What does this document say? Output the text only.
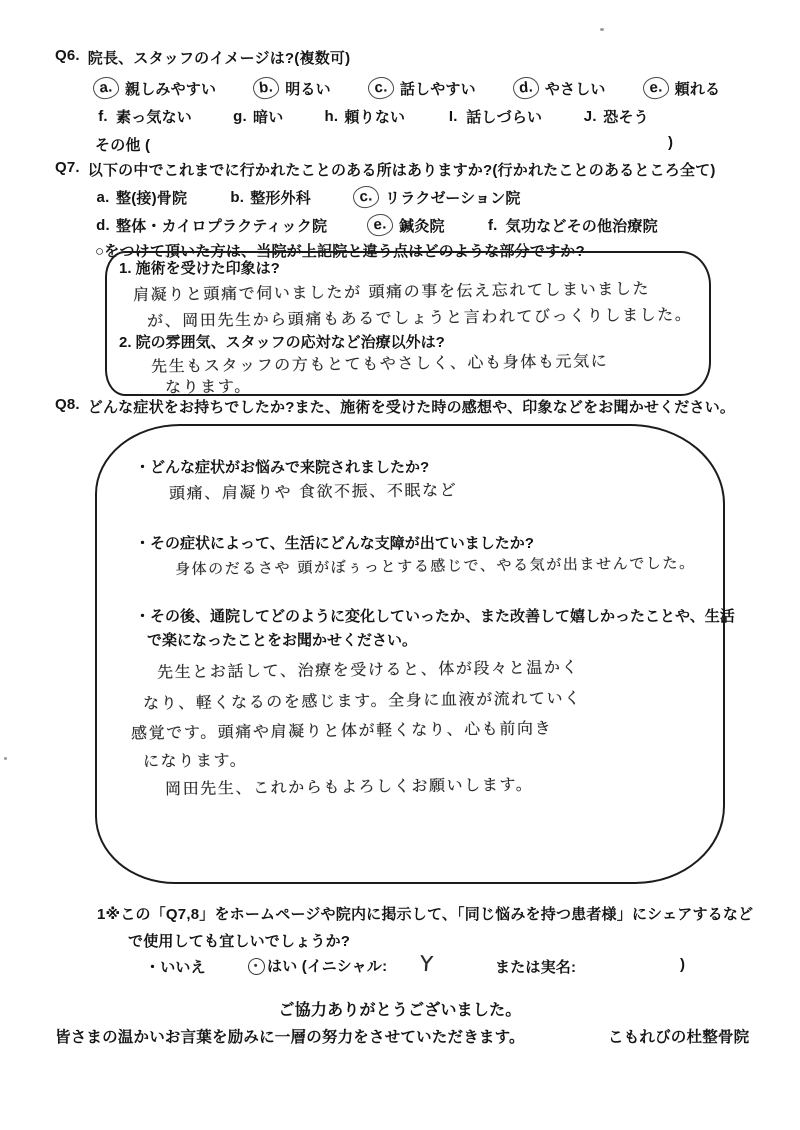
Q6. 院長、スタッフのイメージは?(複数可)
a. 親しみやすい	b. 明るい	c. 話しやすい	d. やさしい	e. 頼れる
f. 素っ気ない	g. 暗い	h. 頼りない	I. 話しづらい	J. 恐そう
その他 (	)
Q7. 以下の中でこれまでに行かれたことのある所はありますか?(行かれたことのあるところ全て)
a. 整(接)骨院	b. 整形外科	c. リラクゼーション院
d. 整体・カイロプラクティック院	e. 鍼灸院	f. 気功などその他治療院
○をつけて頂いた方は、当院が上記院と違う点はどのような部分ですか?
1. 施術を受けた印象は?
肩凝りと頭痛で伺いましたが 頭痛の事を伝え忘れてしまいました
が、岡田先生から頭痛もあるでしょうと言われてびっくりしました。
2. 院の雰囲気、スタッフの応対など治療以外は?
先生もスタッフの方もとてもやさしく、心も身体も元気に
なります。
Q8. どんな症状をお持ちでしたか?また、施術を受けた時の感想や、印象などをお聞かせください。
・どんな症状がお悩みで来院されましたか?
頭痛、肩凝りや 食欲不振、不眠など
・その症状によって、生活にどんな支障が出ていましたか?
身体のだるさや 頭がぼぅっとする感じで、やる気が出ませんでした。
・その後、通院してどのように変化していったか、また改善して嬉しかったことや、生活
で楽になったことをお聞かせください。
先生とお話して、治療を受けると、体が段々と温かく
なり、軽くなるのを感じます。全身に血液が流れていく
感覚です。頭痛や肩凝りと体が軽くなり、心も前向き
になります。
岡田先生、これからもよろしくお願いします。
1※この「Q7,8」をホームページや院内に掲示して、「同じ悩みを持つ患者様」にシェアするなど
で使用しても宜しいでしょうか?
・いいえ	はい (イニシャル: Y	または実名:	)
ご協力ありがとうございました。
皆さまの温かいお言葉を励みに一層の努力をさせていただきます。	こもれびの杜整骨院
